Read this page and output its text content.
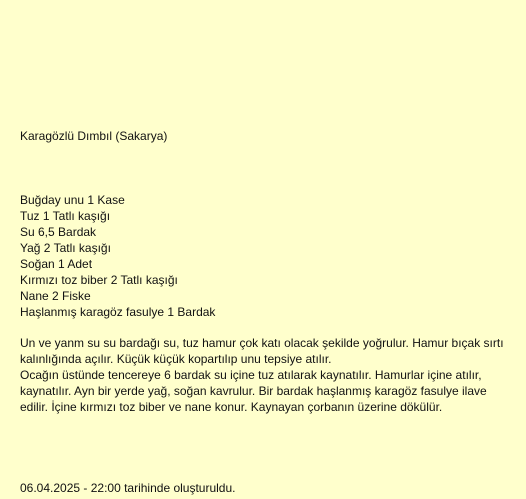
Karagözlü Dımbıl (Sakarya)
Buğday unu 1 Kase
Tuz 1 Tatlı kaşığı
Su 6,5 Bardak
Yağ 2 Tatlı kaşığı
Soğan 1 Adet
Kırmızı toz biber 2 Tatlı kaşığı
Nane 2 Fiske
Haşlanmış karagöz fasulye 1 Bardak

Un ve yanm su su bardağı su, tuz hamur çok katı olacak şekilde yoğrulur. Hamur bıçak sırtı kalınlığında açılır. Küçük küçük kopartılıp unu tepsiye atılır.

Ocağın üstünde tencereye 6 bardak su içine tuz atılarak kaynatılır. Hamurlar içine atılır, kaynatılır. Ayn bir yerde yağ, soğan kavrulur. Bir bardak haşlanmış karagöz fasulye ilave edilir. İçine kırmızı toz biber ve nane konur. Kaynayan çorbanın üzerine dökülür.

06.04.2025 - 22:00 tarihinde oluşturuldu.
